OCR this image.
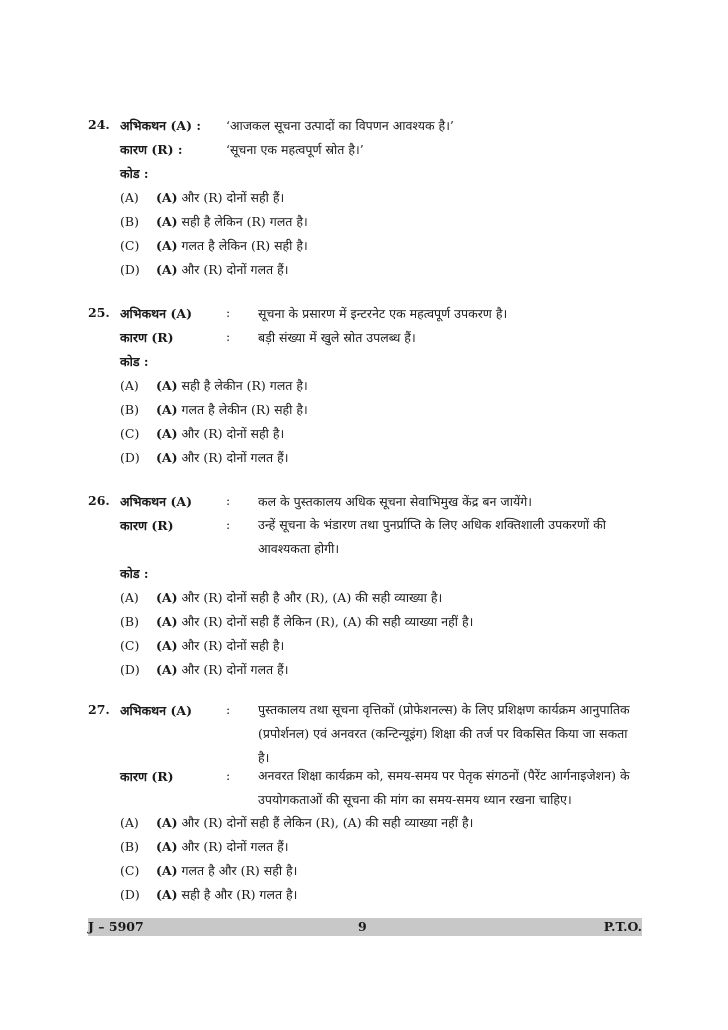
24. अभिकथन (A) : ‘आजकल सूचना उत्पादों का विपणन आवश्यक है।’
कारण (R) :	‘सूचना एक महत्वपूर्ण स्रोत है।’
कोड :
(A) (A) और (R) दोनों सही हैं।
(B) (A) सही है लेकिन (R) गलत है।
(C) (A) गलत है लेकिन (R) सही है।
(D) (A) और (R) दोनों गलत हैं।
25. अभिकथन (A)	: सूचना के प्रसारण में इन्टरनेट एक महत्वपूर्ण उपकरण है।
कारण (R)	: बड़ी संख्या में खुले स्रोत उपलब्ध हैं।
कोड :
(A) (A) सही है लेकीन (R) गलत है।
(B) (A) गलत है लेकीन (R) सही है।
(C) (A) और (R) दोनों सही है।
(D) (A) और (R) दोनों गलत हैं।
26. अभिकथन (A)	: कल के पुस्तकालय अधिक सूचना सेवाभिमुख केंद्र बन जायेंगे।
कारण (R)	: उन्हें सूचना के भंडारण तथा पुनर्प्राप्ति के लिए अधिक शक्तिशाली उपकरणों की आवश्यकता होगी।
कोड :
(A) (A) और (R) दोनों सही है और (R), (A) की सही व्याख्या है।
(B) (A) और (R) दोनों सही हैं लेकिन (R), (A) की सही व्याख्या नहीं है।
(C) (A) और (R) दोनों सही है।
(D) (A) और (R) दोनों गलत हैं।
27. अभिकथन (A)	: पुस्तकालय तथा सूचना वृत्तिकों (प्रोफेशनल्स) के लिए प्रशिक्षण कार्यक्रम आनुपातिक (प्रपोर्शनल) एवं अनवरत (कन्टिन्यूइंग) शिक्षा की तर्ज पर विकसित किया जा सकता है।
कारण (R)	: अनवरत शिक्षा कार्यक्रम को, समय-समय पर पेतृक संगठनों (पैरेंट आर्गनाइजेशन) के उपयोगकताओं की सूचना की मांग का समय-समय ध्यान रखना चाहिए।
(A) (A) और (R) दोनों सही हैं लेकिन (R), (A) की सही व्याख्या नहीं है।
(B) (A) और (R) दोनों गलत हैं।
(C) (A) गलत है और (R) सही है।
(D) (A) सही है और (R) गलत है।
J – 5907	9	P.T.O.
